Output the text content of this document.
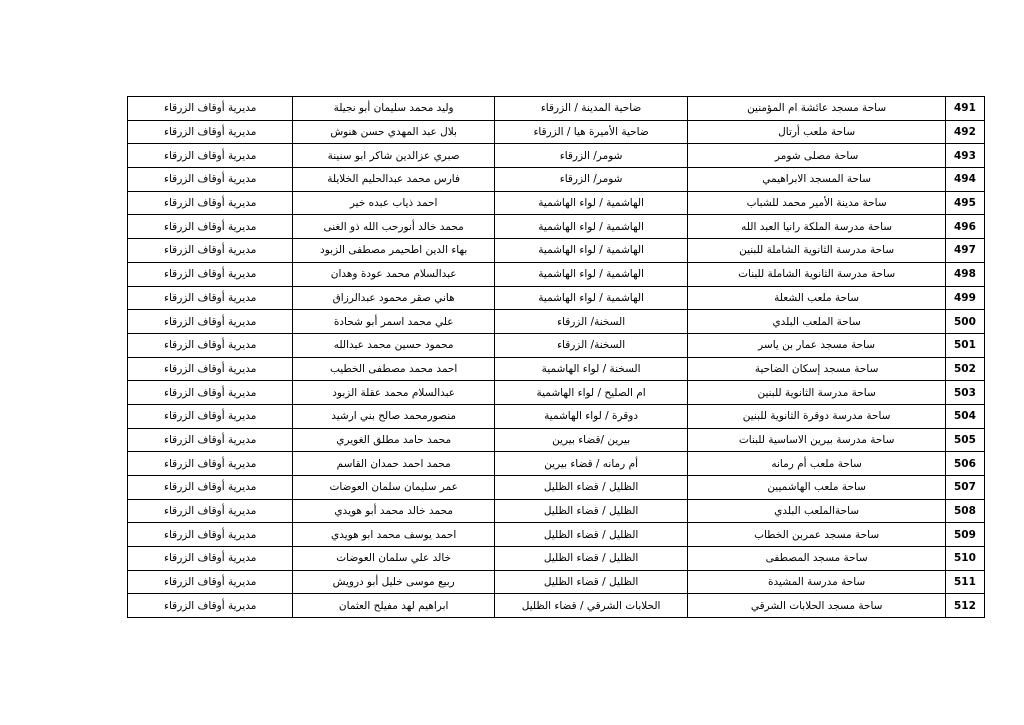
491	ساحة مسجد عائشة ام المؤمنين	ضاحية المدينة / الزرقاء	وليد محمد سليمان أبو نجيلة	مديرية أوقاف الزرقاء
492	ساحة ملعب أرتال	ضاحية الأميرة هيا / الزرقاء	بلال عبد المهدي حسن هنوش	مديرية أوقاف الزرقاء
493	ساحة مصلى شومر	شومر/ الزرقاء	صبري عزالدين شاكر ابو سنينة	مديرية أوقاف الزرقاء
494	ساحة المسجد الابراهيمي	شومر/ الزرقاء	فارس محمد عبدالحليم الخلايلة	مديرية أوقاف الزرقاء
495	ساحة مدينة الأمير محمد للشباب	الهاشمية / لواء الهاشمية	احمد ذياب عبده خير	مديرية أوقاف الزرقاء
496	ساحة مدرسة الملكة رانيا العبد الله	الهاشمية / لواء الهاشمية	محمد خالد أنورحب الله ذو الغنى	مديرية أوقاف الزرقاء
497	ساحة مدرسة الثانوية الشاملة للبنين	الهاشمية / لواء الهاشمية	بهاء الدين اطحيمر مصطفى الزبود	مديرية أوقاف الزرقاء
498	ساحة مدرسة الثانوية الشاملة للبنات	الهاشمية / لواء الهاشمية	عبدالسلام محمد عودة وهدان	مديرية أوقاف الزرقاء
499	ساحة ملعب الشعلة	الهاشمية / لواء الهاشمية	هاني صقر محمود عبدالرزاق	مديرية أوقاف الزرقاء
500	ساحة الملعب البلدي	السخنة/ الزرقاء	علي محمد اسمر أبو شحادة	مديرية أوقاف الزرقاء
501	ساحة مسجد عمار بن ياسر	السخنة/ الزرقاء	محمود حسين محمد عبدالله	مديرية أوقاف الزرقاء
502	ساحة مسجد إسكان الضاحية	السخنة / لواء الهاشمية	احمد محمد مصطفى الخطيب	مديرية أوقاف الزرقاء
503	ساحة مدرسة الثانوية للبنين	ام الصليح / لواء الهاشمية	عبدالسلام محمد عقلة الزبود	مديرية أوقاف الزرقاء
504	ساحة مدرسة دوقرة الثانوية للبنين	دوقرة / لواء الهاشمية	منصورمحمد صالح بني ارشيد	مديرية أوقاف الزرقاء
505	ساحة مدرسة بيرين الاساسية للبنات	بيرين /قضاء بيرين	محمد حامد مطلق الغويري	مديرية أوقاف الزرقاء
506	ساحة ملعب أم رمانه	أم رمانه / قضاء بيرين	محمد احمد حمدان القاسم	مديرية أوقاف الزرقاء
507	ساحة ملعب الهاشميين	الظليل / قضاء الظليل	عمر سليمان سلمان العوضات	مديرية أوقاف الزرقاء
508	ساحةالملعب البلدي	الظليل / قضاء الظليل	محمد خالد محمد أبو هويدي	مديرية أوقاف الزرقاء
509	ساحة مسجد عمربن الخطاب	الظليل / قضاء الظليل	احمد يوسف محمد ابو هويدي	مديرية أوقاف الزرقاء
510	ساحة مسجد المصطفى	الظليل / قضاء الظليل	خالد علي سلمان العوضات	مديرية أوقاف الزرقاء
511	ساحة مدرسة المشيدة	الظليل / قضاء الظليل	ربيع موسى خليل أبو درويش	مديرية أوقاف الزرقاء
512	ساحة مسجد الحلابات الشرقي	الحلابات الشرقي / قضاء الظليل	ابراهيم لهد مفيلح العثمان	مديرية أوقاف الزرقاء
